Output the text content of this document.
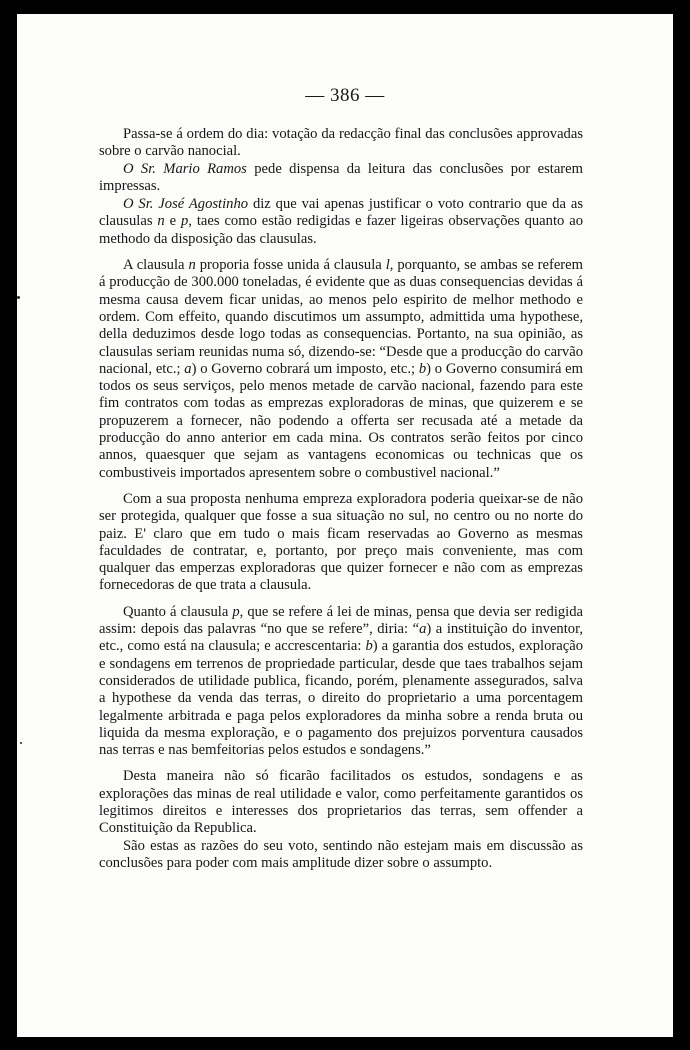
— 386 —

Passa-se á ordem do dia: votação da redacção final das conclusões approvadas sobre o carvão nanocial.

O Sr. Mario Ramos pede dispensa da leitura das conclusões por estarem impressas.

O Sr. José Agostinho diz que vai apenas justificar o voto contrario que da as clausulas n e p, taes como estão redigidas e fazer ligeiras observações quanto ao methodo da disposição das clausulas.

A clausula n proporia fosse unida á clausula l, porquanto, se ambas se referem á producção de 300.000 toneladas, é evidente que as duas consequencias devidas á mesma causa devem ficar unidas, ao menos pelo espirito de melhor methodo e ordem. Com effeito, quando discutimos um assumpto, admittida uma hypothese, della deduzimos desde logo todas as consequencias. Portanto, na sua opinião, as clausulas seriam reunidas numa só, dizendo-se: “Desde que a producção do carvão nacional, etc.; a) o Governo cobrará um imposto, etc.; b) o Governo consumirá em todos os seus serviços, pelo menos metade de carvão nacional, fazendo para este fim contratos com todas as emprezas exploradoras de minas, que quizerem e se propuzerem a fornecer, não podendo a offerta ser recusada até a metade da producção do anno anterior em cada mina. Os contratos serão feitos por cinco annos, quaesquer que sejam as vantagens economicas ou technicas que os combustiveis importados apresentem sobre o combustivel nacional.”

Com a sua proposta nenhuma empreza exploradora poderia queixar-se de não ser protegida, qualquer que fosse a sua situação no sul, no centro ou no norte do paiz. E' claro que em tudo o mais ficam reservadas ao Governo as mesmas faculdades de contratar, e, portanto, por preço mais conveniente, mas com qualquer das emperzas exploradoras que quizer fornecer e não com as emprezas fornecedoras de que trata a clausula.

Quanto á clausula p, que se refere á lei de minas, pensa que devia ser redigida assim: depois das palavras “no que se refere”, diria: “a) a instituição do inventor, etc., como está na clausula; e accrescentaria: b) a garantia dos estudos, exploração e sondagens em terrenos de propriedade particular, desde que taes trabalhos sejam considerados de utilidade publica, ficando, porém, plenamente assegurados, salva a hypothese da venda das terras, o direito do proprietario a uma porcentagem legalmente arbitrada e paga pelos exploradores da minha sobre a renda bruta ou liquida da mesma exploração, e o pagamento dos prejuizos porventura causados nas terras e nas bemfeitorias pelos estudos e sondagens.”

Desta maneira não só ficarão facilitados os estudos, sondagens e as explorações das minas de real utilidade e valor, como perfeitamente garantidos os legitimos direitos e interesses dos proprietarios das terras, sem offender a Constituição da Republica.

São estas as razões do seu voto, sentindo não estejam mais em discussão as conclusões para poder com mais amplitude dizer sobre o assumpto.
